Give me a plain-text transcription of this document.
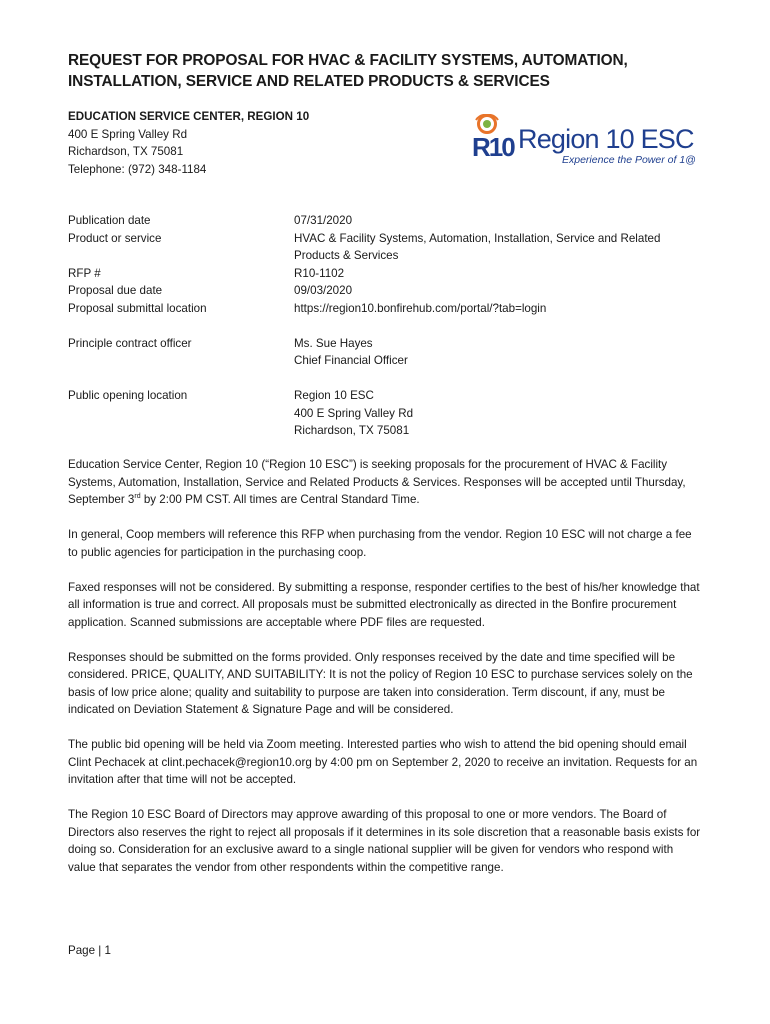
REQUEST FOR PROPOSAL FOR HVAC & FACILITY SYSTEMS, AUTOMATION,
INSTALLATION, SERVICE AND RELATED PRODUCTS & SERVICES
EDUCATION SERVICE CENTER, REGION 10
400 E Spring Valley Rd
Richardson, TX 75081
Telephone: (972) 348-1184
R10 Region 10 ESC
Experience the Power of 1@
Publication date	07/31/2020
Product or service	HVAC & Facility Systems, Automation, Installation, Service and Related
Products & Services
RFP #	R10-1102
Proposal due date	09/03/2020
Proposal submittal location	https://region10.bonfirehub.com/portal/?tab=login
Principle contract officer	Ms. Sue Hayes
Chief Financial Officer
Public opening location	Region 10 ESC
400 E Spring Valley Rd
Richardson, TX 75081

Education Service Center, Region 10 (“Region 10 ESC”) is seeking proposals for the procurement of HVAC & Facility Systems, Automation, Installation, Service and Related Products & Services. Responses will be accepted until Thursday, September 3rd by 2:00 PM CST. All times are Central Standard Time.

In general, Coop members will reference this RFP when purchasing from the vendor. Region 10 ESC will not charge a fee to public agencies for participation in the purchasing coop.

Faxed responses will not be considered. By submitting a response, responder certifies to the best of his/her knowledge that all information is true and correct. All proposals must be submitted electronically as directed in the Bonfire procurement application. Scanned submissions are acceptable where PDF files are requested.

Responses should be submitted on the forms provided. Only responses received by the date and time specified will be considered. PRICE, QUALITY, AND SUITABILITY: It is not the policy of Region 10 ESC to purchase services solely on the basis of low price alone; quality and suitability to purpose are taken into consideration. Term discount, if any, must be indicated on Deviation Statement & Signature Page and will be considered.

The public bid opening will be held via Zoom meeting. Interested parties who wish to attend the bid opening should email Clint Pechacek at clint.pechacek@region10.org by 4:00 pm on September 2, 2020 to receive an invitation. Requests for an invitation after that time will not be accepted.

The Region 10 ESC Board of Directors may approve awarding of this proposal to one or more vendors. The Board of Directors also reserves the right to reject all proposals if it determines in its sole discretion that a reasonable basis exists for doing so. Consideration for an exclusive award to a single national supplier will be given for vendors who respond with value that separates the vendor from other respondents within the competitive range.

Page | 1
